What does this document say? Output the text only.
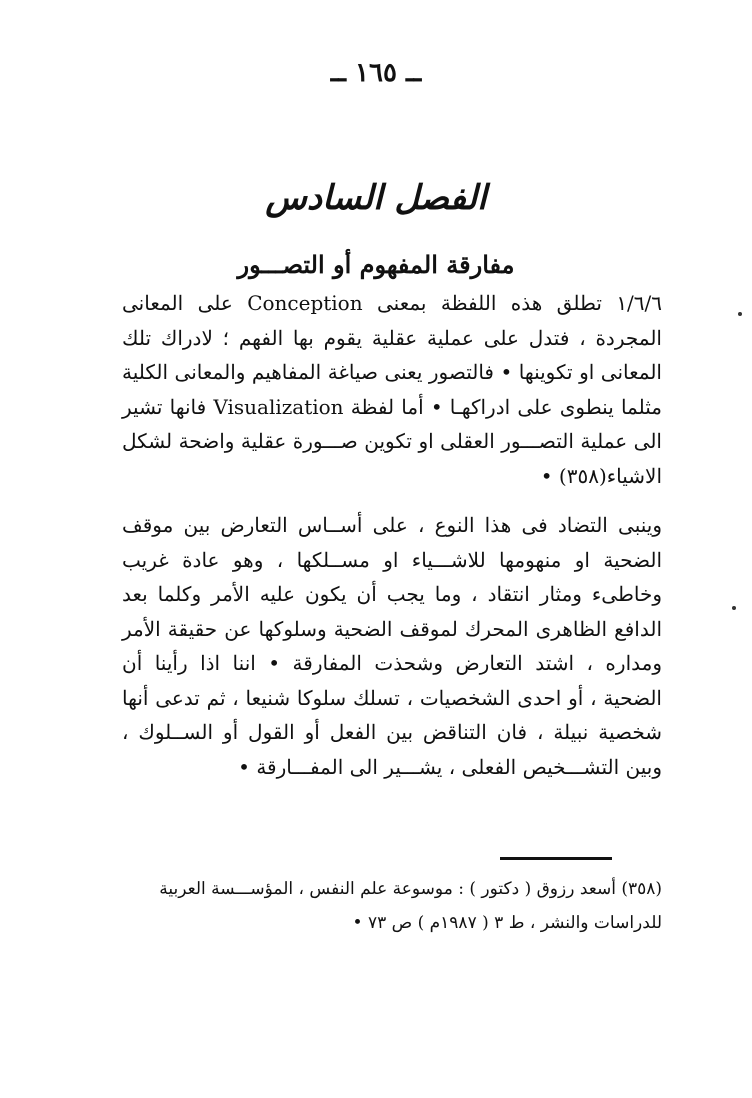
ــ ١٦٥ ــ
الفصل السادس
مفارقة المفهوم أو التصـــور
١/٦/٦ تطلق هذه اللفظة بمعنى Conception على المعانى المجردة ، فتدل على عملية عقلية يقوم بها الفهم ؛ لادراك تلك المعانى او تكوينها • فالتصور يعنى صياغة المفاهيم والمعانى الكلية مثلما ينطوى على ادراكهـا • أما لفظة Visualization فانها تشير الى عملية التصـــور العقلى او تكوين صـــورة عقلية واضحة لشكل الاشياء(٣٥٨) •
وينبى التضاد فى هذا النوع ، على أســاس التعارض بين موقف الضحية او منهومها للاشـــياء او مســلكها ، وهو عادة غريب وخاطىء ومثار انتقاد ، وما يجب أن يكون عليه الأمر وكلما بعد الدافع الظاهرى المحرك لموقف الضحية وسلوكها عن حقيقة الأمر ومداره ، اشتد التعارض وشحذت المفارقة • اننا اذا رأينا أن الضحية ، أو احدى الشخصيات ، تسلك سلوكا شنيعا ، ثم تدعى أنها شخصية نبيلة ، فان التناقض بين الفعل أو القول أو الســلوك ، وبين التشـــخيص الفعلى ، يشـــير الى المفـــارقة •
(٣٥٨) أسعد رزوق ( دكتور ) : موسوعة علم النفس ، المؤســـسة العربية للدراسات والنشر ، ط ٣ ( ١٩٨٧م ) ص ٧٣ •
